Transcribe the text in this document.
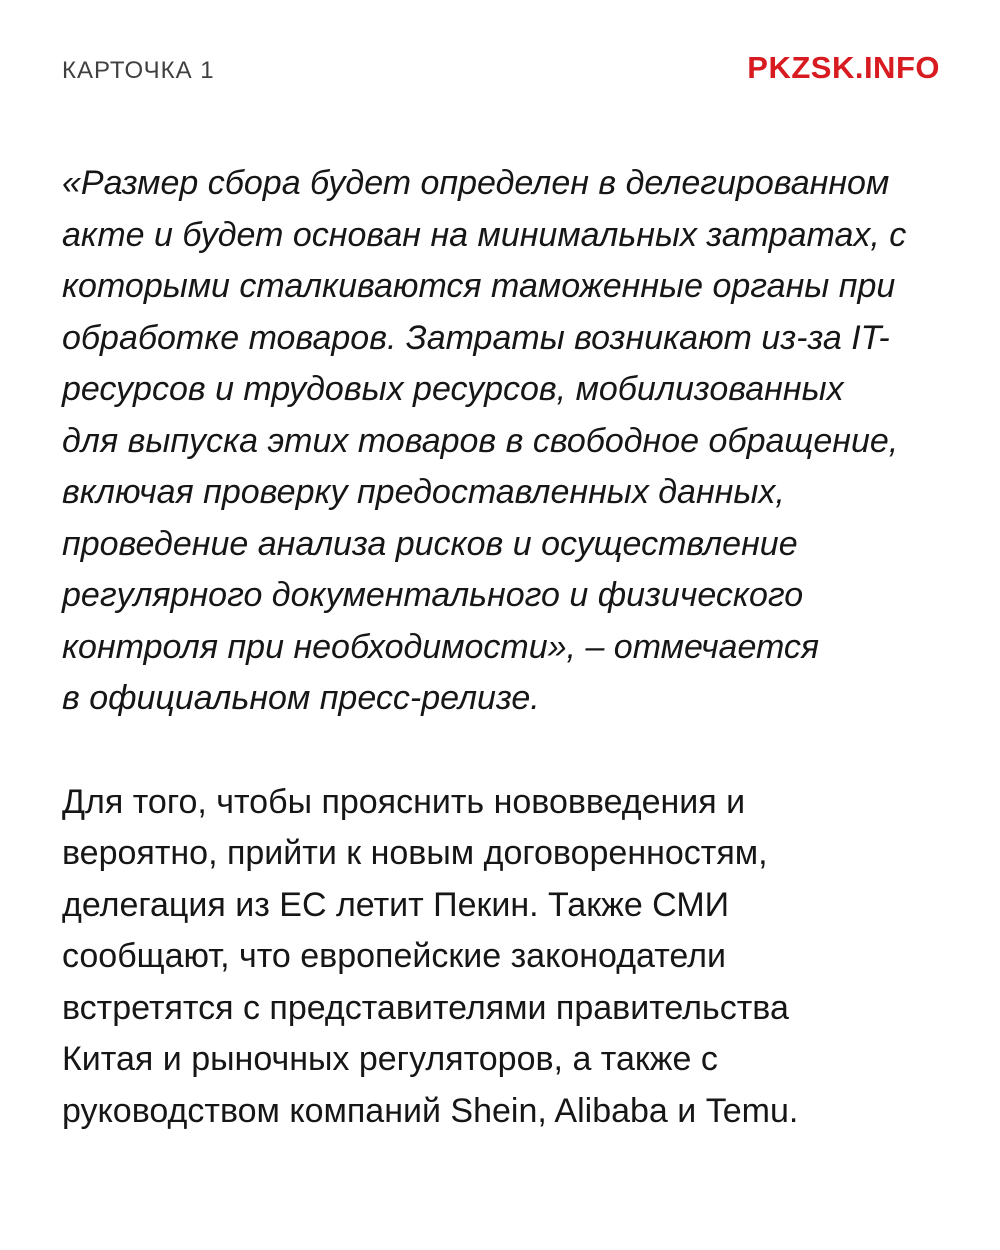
КАРТОЧКА 1	PKZSK.INFO
«Размер сбора будет определен в делегированном
акте и будет основан на минимальных затратах, с
которыми сталкиваются таможенные органы при
обработке товаров. Затраты возникают из-за IT-
ресурсов и трудовых ресурсов, мобилизованных
для выпуска этих товаров в свободное обращение,
включая проверку предоставленных данных,
проведение анализа рисков и осуществление
регулярного документального и физического
контроля при необходимости», – отмечается
в официальном пресс-релизе.
Для того, чтобы прояснить нововведения и
вероятно, прийти к новым договоренностям,
делегация из ЕС летит Пекин. Также СМИ
сообщают, что европейские законодатели
встретятся с представителями правительства
Китая и рыночных регуляторов, а также с
руководством компаний Shein, Alibaba и Temu.
